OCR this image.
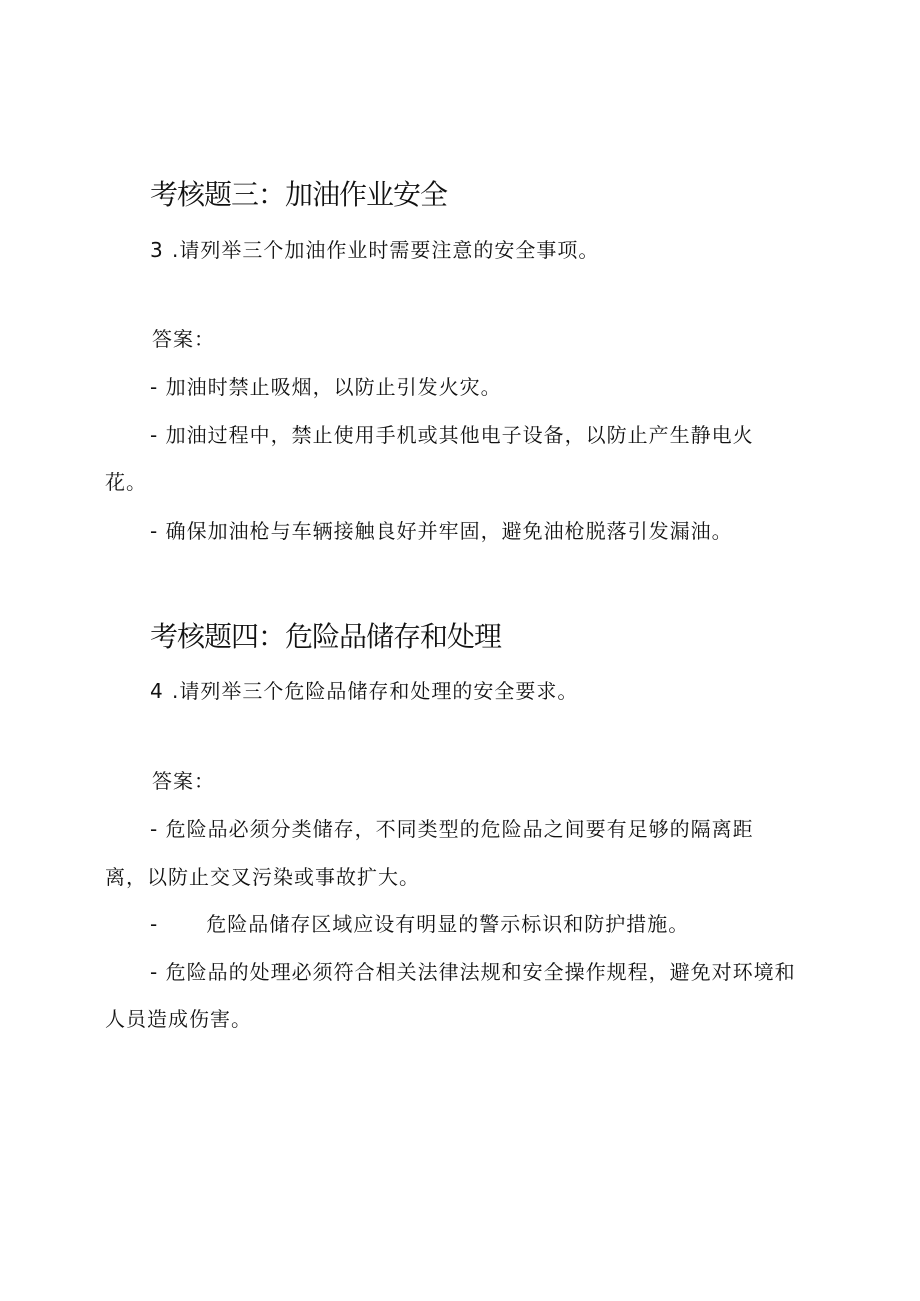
考核题三：加油作业安全
3 .请列举三个加油作业时需要注意的安全事项。
答案：
- 加油时禁止吸烟，以防止引发火灾。
- 加油过程中，禁止使用手机或其他电子设备，以防止产生静电火
花。
- 确保加油枪与车辆接触良好并牢固，避免油枪脱落引发漏油。
考核题四：危险品储存和处理
4 .请列举三个危险品储存和处理的安全要求。
答案：
- 危险品必须分类储存，不同类型的危险品之间要有足够的隔离距
离，以防止交叉污染或事故扩大。
- 危险品储存区域应设有明显的警示标识和防护措施。
- 危险品的处理必须符合相关法律法规和安全操作规程，避免对环境和
人员造成伤害。
